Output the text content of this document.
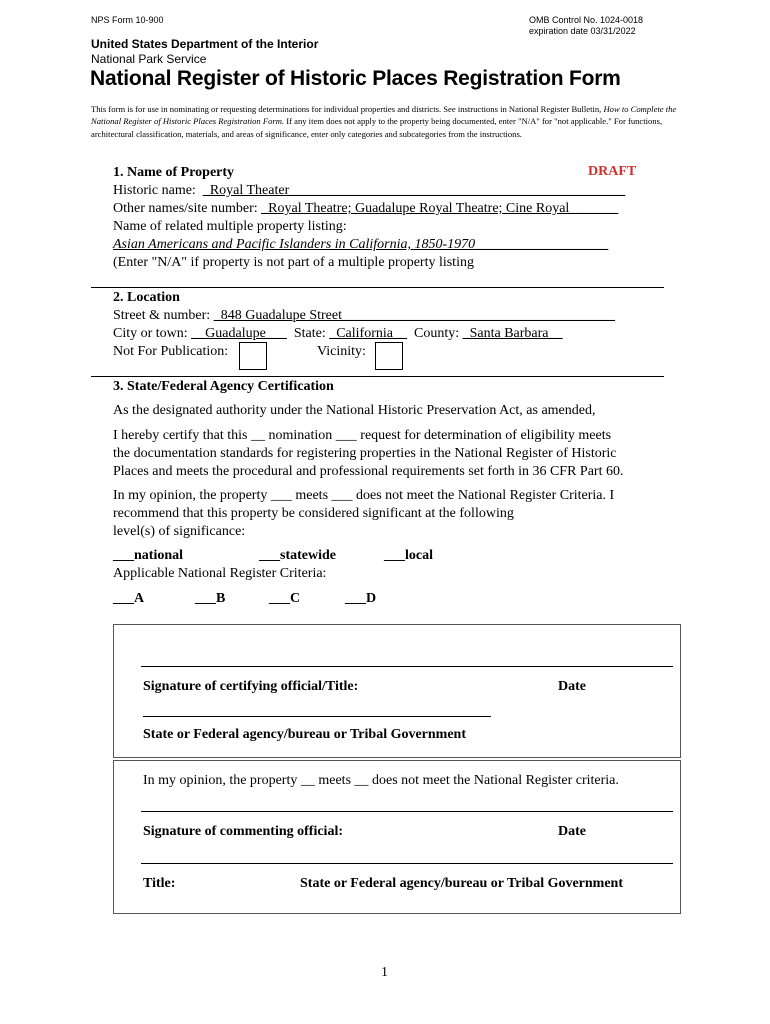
NPS Form 10-900	OMB Control No. 1024-0018
expiration date 03/31/2022
United States Department of the Interior
National Park Service
National Register of Historic Places Registration Form
This form is for use in nominating or requesting determinations for individual properties and districts. See instructions in National Register Bulletin, How to Complete the National Register of Historic Places Registration Form. If any item does not apply to the property being documented, enter "N/A" for "not applicable." For functions, architectural classification, materials, and areas of significance, enter only categories and subcategories from the instructions.
1. Name of Property	DRAFT
Historic name: _Royal Theater________________________________________________
Other names/site number: _Royal Theatre; Guadalupe Royal Theatre; Cine Royal_______
Name of related multiple property listing:
Asian Americans and Pacific Islanders in California, 1850-1970___________________
(Enter "N/A" if property is not part of a multiple property listing
2. Location
Street & number: _848 Guadalupe Street_______________________________________
City or town: __Guadalupe___ State: _California__ County: _Santa Barbara__
Not For Publication:	Vicinity:
3. State/Federal Agency Certification
As the designated authority under the National Historic Preservation Act, as amended,
I hereby certify that this __ nomination ___ request for determination of eligibility meets
the documentation standards for registering properties in the National Register of Historic
Places and meets the procedural and professional requirements set forth in 36 CFR Part 60.
In my opinion, the property ___ meets ___ does not meet the National Register Criteria. I
recommend that this property be considered significant at the following
level(s) of significance:
___national	___statewide	___local
Applicable National Register Criteria:
___A	___B	___C	___D
Signature of certifying official/Title:	Date
State or Federal agency/bureau or Tribal Government
In my opinion, the property __ meets __ does not meet the National Register criteria.
Signature of commenting official:	Date
Title:	State or Federal agency/bureau or Tribal Government
1
